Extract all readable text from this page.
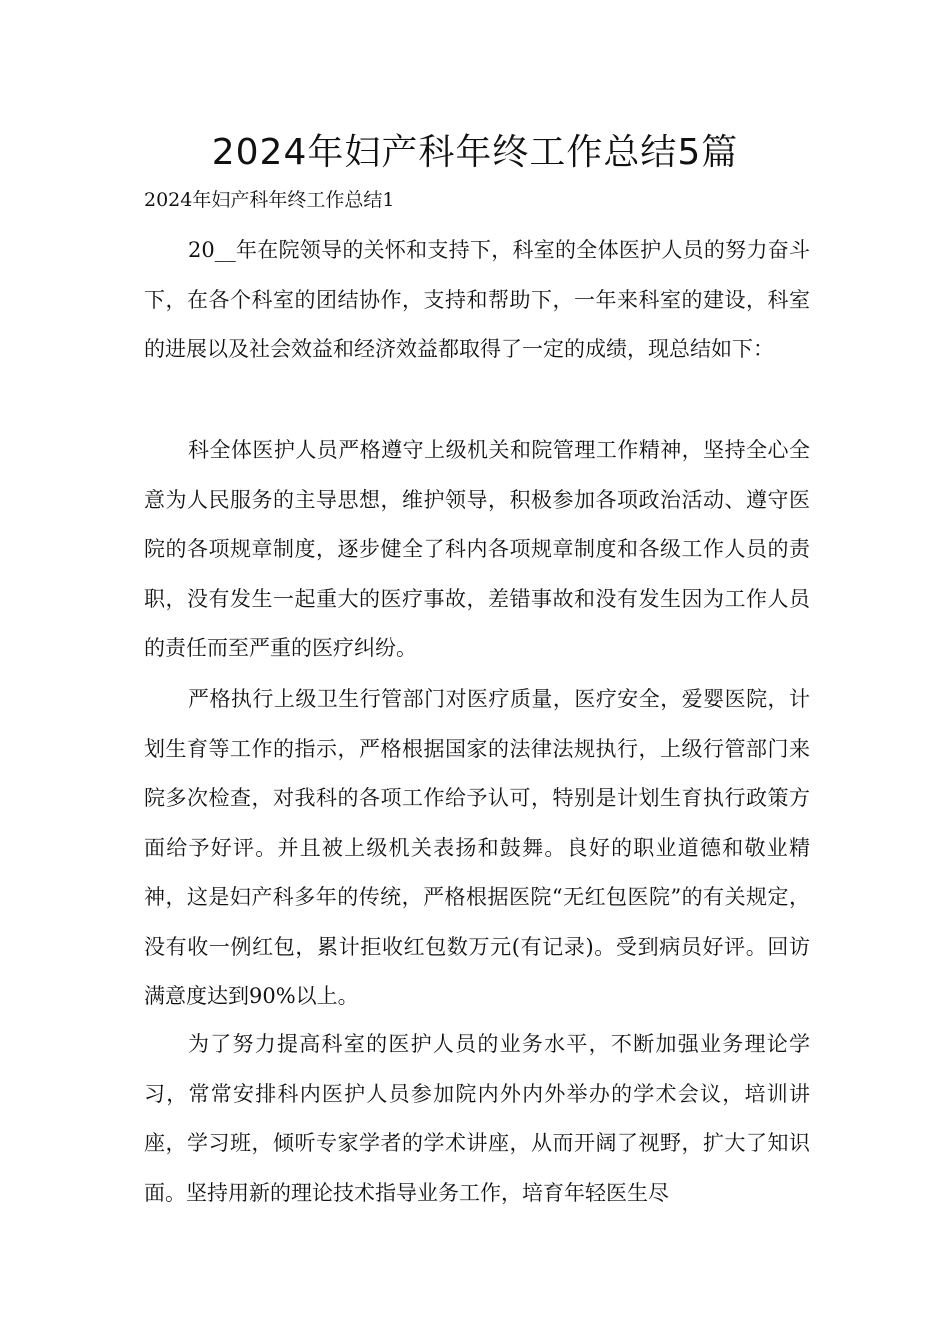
2024年妇产科年终工作总结5篇
2024年妇产科年终工作总结1

20__年在院领导的关怀和支持下，科室的全体医护人员的努力奋斗下，在各个科室的团结协作，支持和帮助下，一年来科室的建设，科室的进展以及社会效益和经济效益都取得了一定的成绩，现总结如下：

科全体医护人员严格遵守上级机关和院管理工作精神，坚持全心全意为人民服务的主导思想，维护领导，积极参加各项政治活动、遵守医院的各项规章制度，逐步健全了科内各项规章制度和各级工作人员的责职，没有发生一起重大的医疗事故，差错事故和没有发生因为工作人员的责任而至严重的医疗纠纷。

严格执行上级卫生行管部门对医疗质量，医疗安全，爱婴医院，计划生育等工作的指示，严格根据国家的法律法规执行，上级行管部门来院多次检查，对我科的各项工作给予认可，特别是计划生育执行政策方面给予好评。并且被上级机关表扬和鼓舞。良好的职业道德和敬业精神，这是妇产科多年的传统，严格根据医院“无红包医院”的有关规定，没有收一例红包，累计拒收红包数万元(有记录)。受到病员好评。回访满意度达到90%以上。

为了努力提高科室的医护人员的业务水平，不断加强业务理论学习，常常安排科内医护人员参加院内外内外举办的学术会议，培训讲座，学习班，倾听专家学者的学术讲座，从而开阔了视野，扩大了知识面。坚持用新的理论技术指导业务工作，培育年轻医生尽
